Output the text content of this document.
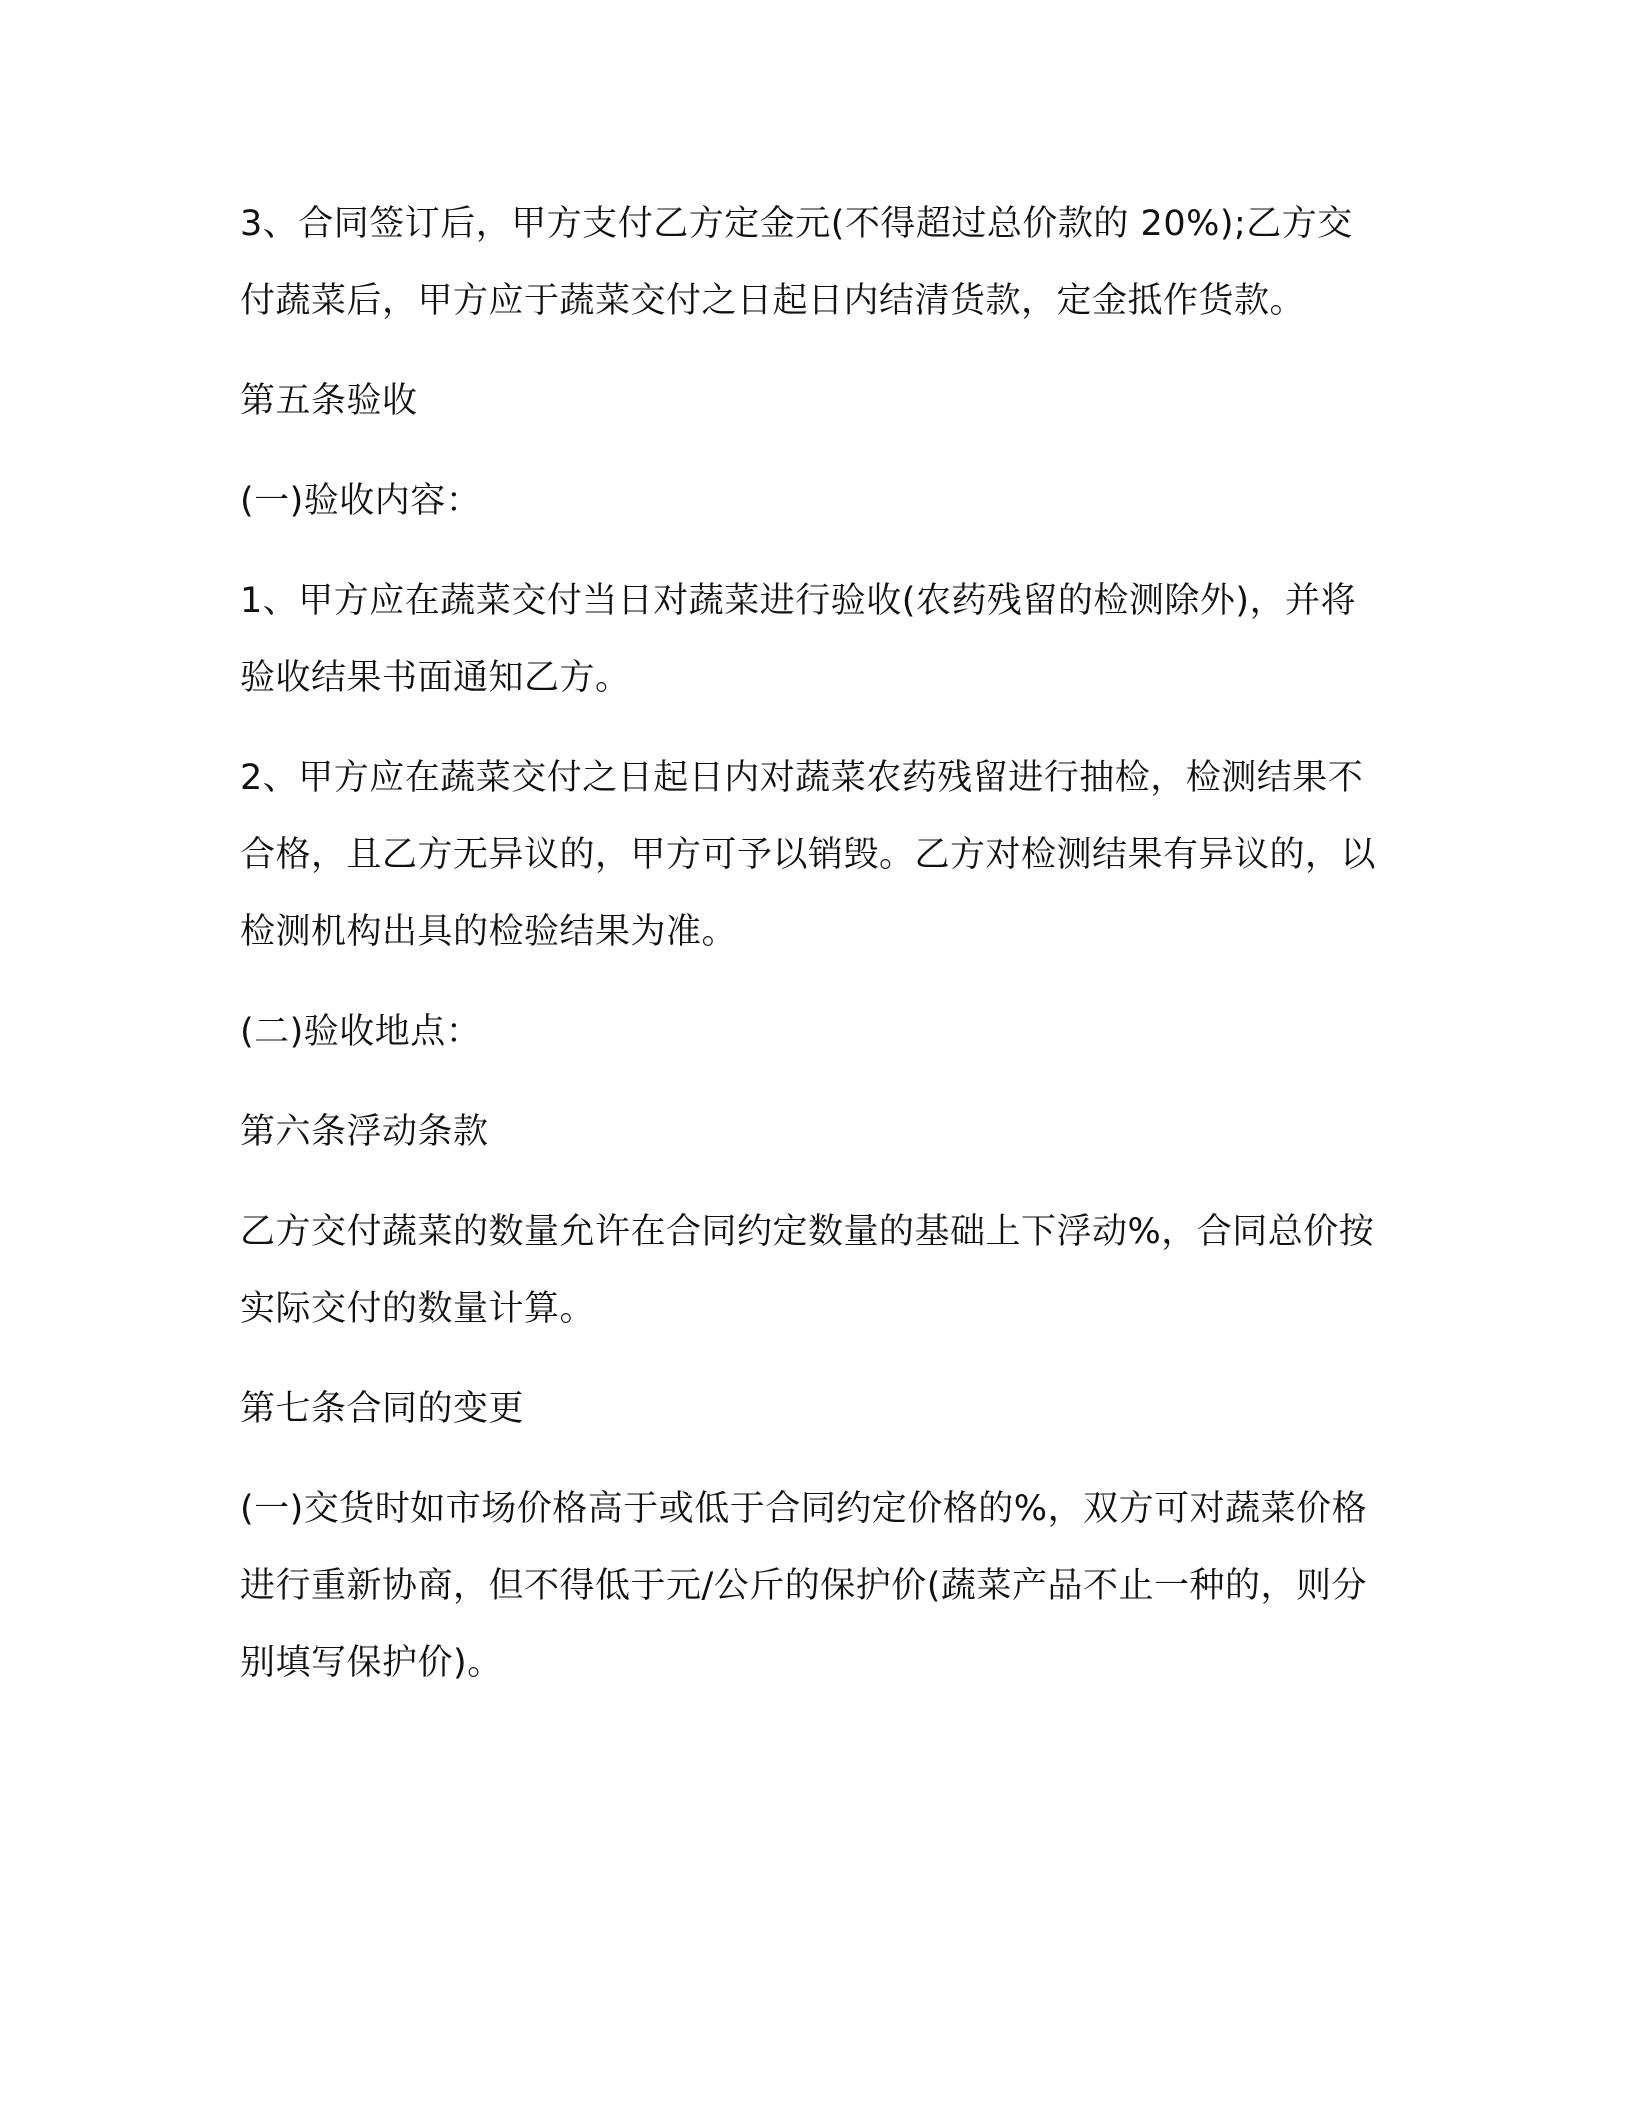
3、合同签订后，甲方支付乙方定金元(不得超过总价款的 20%);乙方交付蔬菜后，甲方应于蔬菜交付之日起日内结清货款，定金抵作货款。

第五条验收

(一)验收内容：

1、甲方应在蔬菜交付当日对蔬菜进行验收(农药残留的检测除外)，并将验收结果书面通知乙方。

2、甲方应在蔬菜交付之日起日内对蔬菜农药残留进行抽检，检测结果不合格，且乙方无异议的，甲方可予以销毁。乙方对检测结果有异议的，以检测机构出具的检验结果为准。

(二)验收地点：

第六条浮动条款

乙方交付蔬菜的数量允许在合同约定数量的基础上下浮动%，合同总价按实际交付的数量计算。

第七条合同的变更

(一)交货时如市场价格高于或低于合同约定价格的%，双方可对蔬菜价格进行重新协商，但不得低于元/公斤的保护价(蔬菜产品不止一种的，则分别填写保护价)。
